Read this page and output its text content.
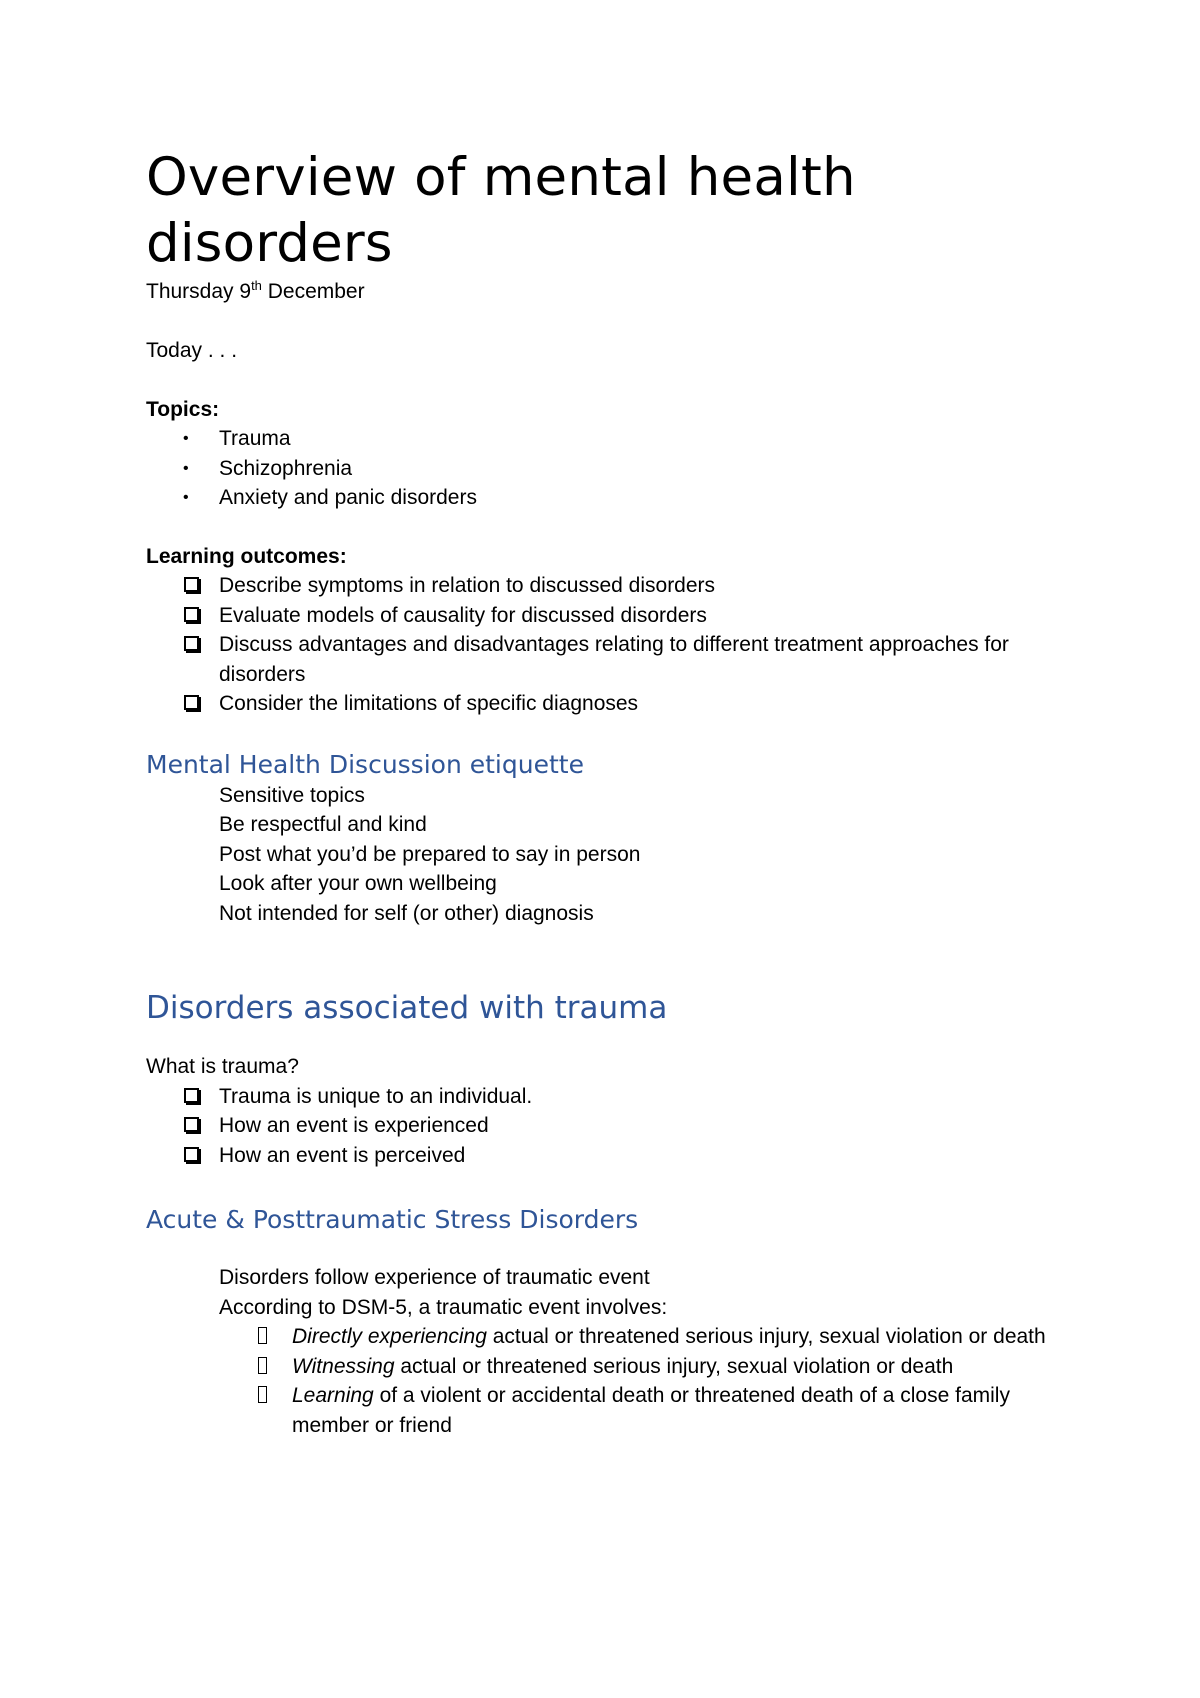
Overview of mental health disorders
Thursday 9th December
Today . . .
Topics:
• Trauma
• Schizophrenia
• Anxiety and panic disorders
Learning outcomes:
Describe symptoms in relation to discussed disorders
Evaluate models of causality for discussed disorders
Discuss advantages and disadvantages relating to different treatment approaches for disorders
Consider the limitations of specific diagnoses
Mental Health Discussion etiquette
Sensitive topics
Be respectful and kind
Post what you’d be prepared to say in person
Look after your own wellbeing
Not intended for self (or other) diagnosis
Disorders associated with trauma
What is trauma?
Trauma is unique to an individual.
How an event is experienced
How an event is perceived
Acute & Posttraumatic Stress Disorders
Disorders follow experience of traumatic event
According to DSM-5, a traumatic event involves:
Directly experiencing actual or threatened serious injury, sexual violation or death
Witnessing actual or threatened serious injury, sexual violation or death
Learning of a violent or accidental death or threatened death of a close family member or friend
